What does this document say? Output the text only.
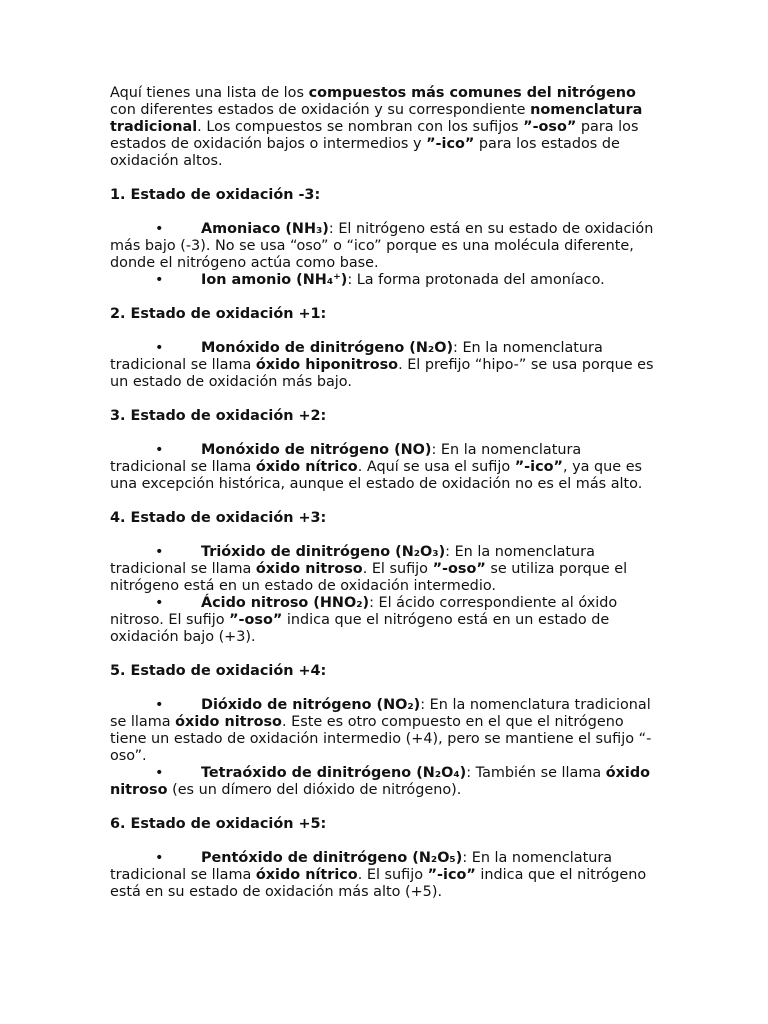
Aquí tienes una lista de los compuestos más comunes del nitrógeno con diferentes estados de oxidación y su correspondiente nomenclatura tradicional. Los compuestos se nombran con los sufijos ”-oso” para los estados de oxidación bajos o intermedios y ”-ico” para los estados de oxidación altos.

1. Estado de oxidación -3:
•	Amoniaco (NH₃): El nitrógeno está en su estado de oxidación más bajo (-3). No se usa “oso” o “ico” porque es una molécula diferente, donde el nitrógeno actúa como base.
•	Ion amonio (NH₄⁺): La forma protonada del amoníaco.
2. Estado de oxidación +1:
•	Monóxido de dinitrógeno (N₂O): En la nomenclatura tradicional se llama óxido hiponitroso. El prefijo “hipo-” se usa porque es un estado de oxidación más bajo.
3. Estado de oxidación +2:
•	Monóxido de nitrógeno (NO): En la nomenclatura tradicional se llama óxido nítrico. Aquí se usa el sufijo ”-ico”, ya que es una excepción histórica, aunque el estado de oxidación no es el más alto.
4. Estado de oxidación +3:
•	Trióxido de dinitrógeno (N₂O₃): En la nomenclatura tradicional se llama óxido nitroso. El sufijo ”-oso” se utiliza porque el nitrógeno está en un estado de oxidación intermedio.
•	Ácido nitroso (HNO₂): El ácido correspondiente al óxido nitroso. El sufijo ”-oso” indica que el nitrógeno está en un estado de oxidación bajo (+3).
5. Estado de oxidación +4:
•	Dióxido de nitrógeno (NO₂): En la nomenclatura tradicional se llama óxido nitroso. Este es otro compuesto en el que el nitrógeno tiene un estado de oxidación intermedio (+4), pero se mantiene el sufijo “-oso”.
•	Tetraóxido de dinitrógeno (N₂O₄): También se llama óxido nitroso (es un dímero del dióxido de nitrógeno).
6. Estado de oxidación +5:
•	Pentóxido de dinitrógeno (N₂O₅): En la nomenclatura tradicional se llama óxido nítrico. El sufijo ”-ico” indica que el nitrógeno está en su estado de oxidación más alto (+5).
